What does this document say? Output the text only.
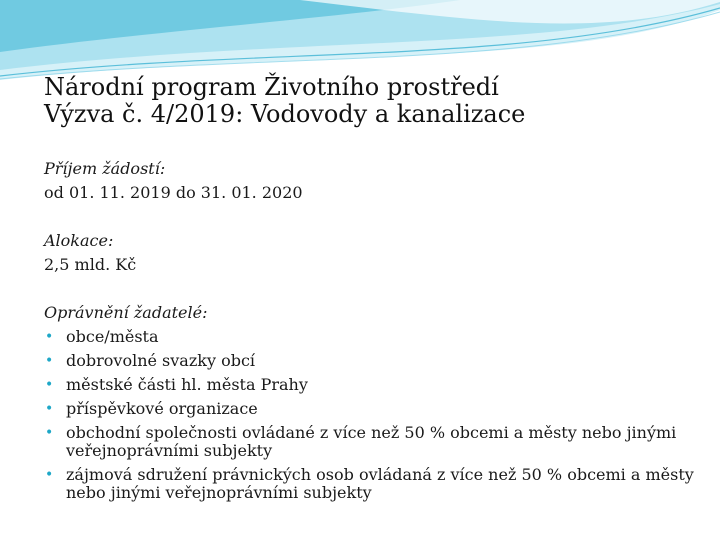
Národní program Životního prostředí
Výzva č. 4/2019: Vodovody a kanalizace
Příjem žádostí:
od 01. 11. 2019 do 31. 01. 2020
Alokace:
2,5 mld. Kč
Oprávnění žadatelé:
• obce/města
• dobrovolné svazky obcí
• městské části hl. města Prahy
• příspěvkové organizace
• obchodní společnosti ovládané z více než 50 % obcemi a městy nebo jinými veřejnoprávními subjekty
• zájmová sdružení právnických osob ovládaná z více než 50 % obcemi a městy nebo jinými veřejnoprávními subjekty
